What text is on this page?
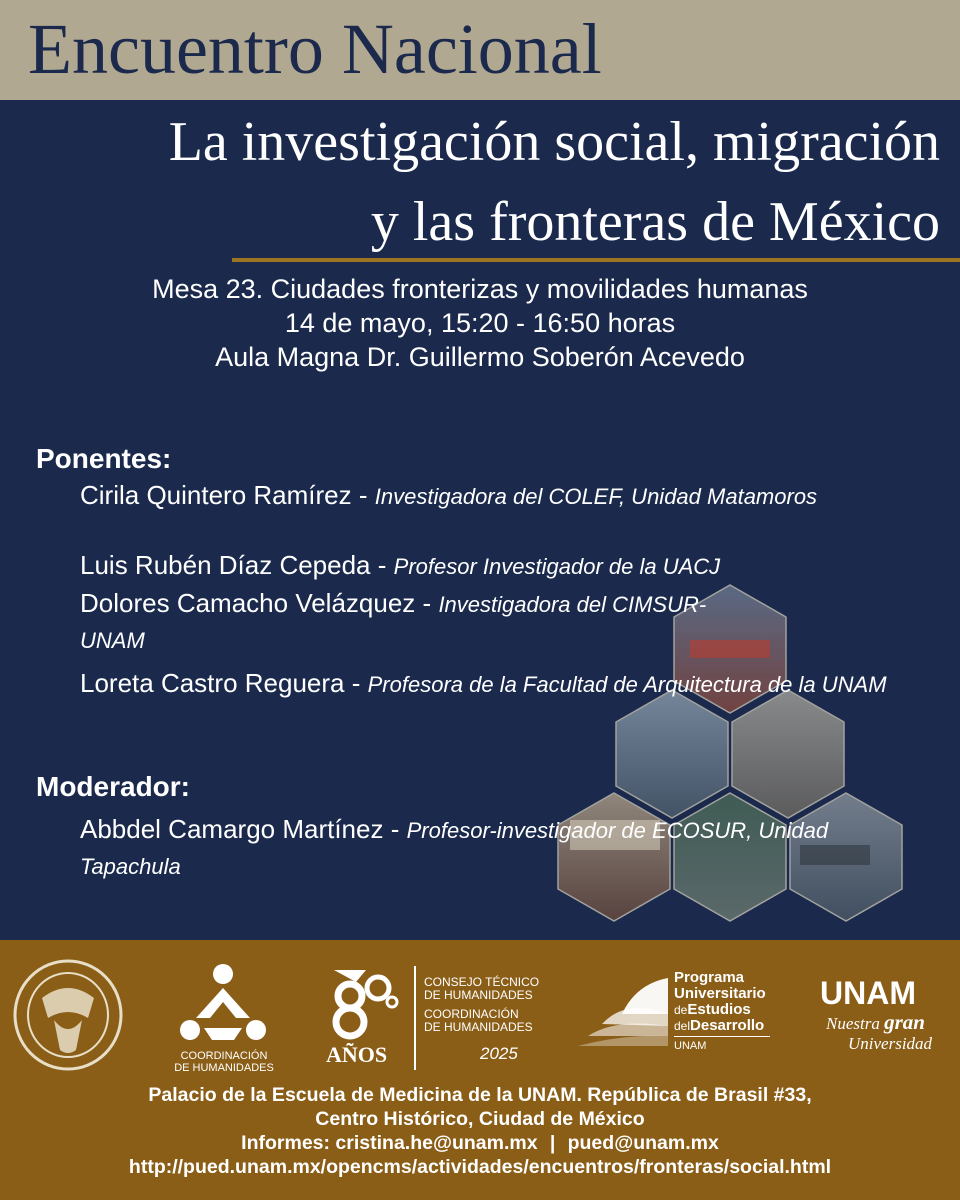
Encuentro Nacional
La investigación social, migración
y las fronteras de México
Mesa 23. Ciudades fronterizas y movilidades humanas
14 de mayo, 15:20 - 16:50 horas
Aula Magna Dr. Guillermo Soberón Acevedo
Ponentes:
Cirila Quintero Ramírez - Investigadora del COLEF, Unidad Matamoros
Luis Rubén Díaz Cepeda - Profesor Investigador de la UACJ
Dolores Camacho Velázquez - Investigadora del CIMSUR-UNAM
Loreta Castro Reguera - Profesora de la Facultad de Arquitectura de la UNAM
Moderador:
Abbdel Camargo Martínez - Profesor-investigador de ECOSUR, Unidad Tapachula
COORDINACIÓN DE HUMANIDADES
AÑOS
CONSEJO TÉCNICO
DE HUMANIDADES
COORDINACIÓN
DE HUMANIDADES
2025
Programa
Universitario
deEstudios
delDesarrollo
UNAM
UNAM
Nuestra gran
Universidad
Palacio de la Escuela de Medicina de la UNAM. República de Brasil #33,
Centro Histórico, Ciudad de México
Informes: cristina.he@unam.mx | pued@unam.mx
http://pued.unam.mx/opencms/actividades/encuentros/fronteras/social.html
